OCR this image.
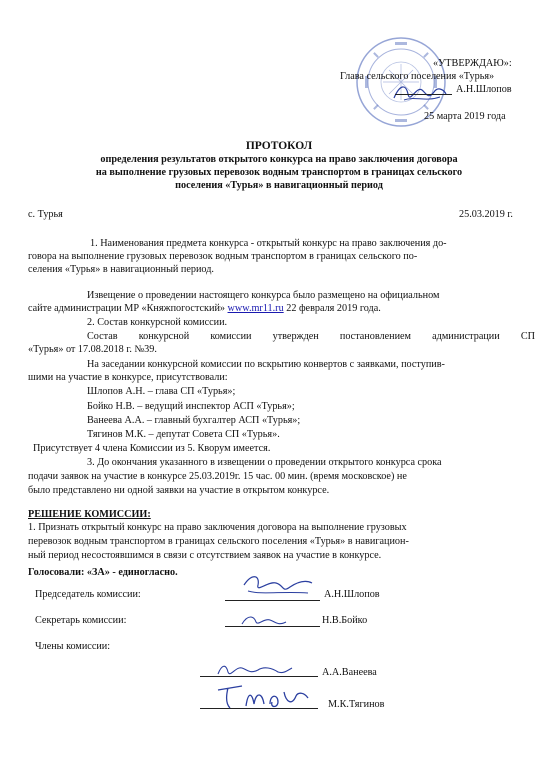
«УТВЕРЖДАЮ»:
Глава сельского поселения «Турья»
А.Н.Шлопов
25 марта 2019 года
ПРОТОКОЛ
определения результатов открытого конкурса на право заключения договора
на выполнение грузовых перевозок водным транспортом в границах сельского
поселения «Турья» в навигационный период
с. Турья	25.03.2019 г.
1. Наименования предмета конкурса - открытый конкурс на право заключения до-
говора на выполнение грузовых перевозок водным транспортом в границах сельского по-
селения «Турья» в навигационный период.
Извещение о проведении настоящего конкурса было размещено на официальном
сайте администрации МР «Княжпогостский» www.mr11.ru 22 февраля 2019 года.
2. Состав конкурсной комиссии.
Состав конкурсной комиссии утвержден постановлением администрации СП
«Турья» от 17.08.2018 г. №39.
На заседании конкурсной комиссии по вскрытию конвертов с заявками, поступив-
шими на участие в конкурсе, присутствовали:
Шлопов А.Н. – глава СП «Турья»;
Бойко Н.В. – ведущий инспектор АСП «Турья»;
Ванеева А.А. – главный бухгалтер АСП «Турья»;
Тягинов М.К. – депутат Совета СП «Турья».
Присутствует 4 члена Комиссии из 5. Кворум имеется.
3. До окончания указанного в извещении о проведении открытого конкурса срока
подачи заявок на участие в конкурсе 25.03.2019г. 15 час. 00 мин. (время московское) не
было представлено ни одной заявки на участие в открытом конкурсе.
РЕШЕНИЕ КОМИССИИ:
1. Признать открытый конкурс на право заключения договора на выполнение грузовых
перевозок водным транспортом в границах сельского поселения «Турья» в навигацион-
ный период несостоявшимся в связи с отсутствием заявок на участие в конкурсе.
Голосовали: «ЗА» - единогласно.
Председатель комиссии:	А.Н.Шлопов
Секретарь комиссии:	Н.В.Бойко
Члены комиссии:
А.А.Ванеева
М.К.Тягинов
